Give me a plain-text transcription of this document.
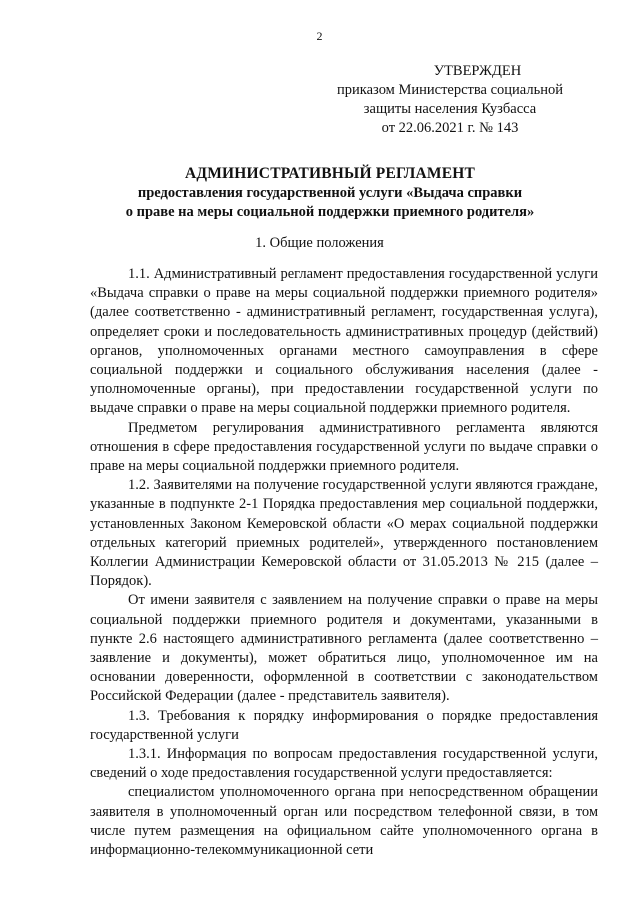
2
УТВЕРЖДЕН
приказом Министерства социальной
защиты населения Кузбасса
от 22.06.2021 г. № 143
АДМИНИСТРАТИВНЫЙ РЕГЛАМЕНТ
предоставления государственной услуги «Выдача справки
о праве на меры социальной поддержки приемного родителя»
1. Общие положения

1.1. Административный регламент предоставления государственной услуги «Выдача справки о праве на меры социальной поддержки приемного родителя» (далее соответственно - административный регламент, государственная услуга), определяет сроки и последовательность административных процедур (действий) органов, уполномоченных органами местного самоуправления в сфере социальной поддержки и социального обслуживания населения (далее - уполномоченные органы), при предоставлении государственной услуги по выдаче справки о праве на меры социальной поддержки приемного родителя.

Предметом регулирования административного регламента являются отношения в сфере предоставления государственной услуги по выдаче справки о праве на меры социальной поддержки приемного родителя.

1.2. Заявителями на получение государственной услуги являются граждане, указанные в подпункте 2-1 Порядка предоставления мер социальной поддержки, установленных Законом Кемеровской области «О мерах социальной поддержки отдельных категорий приемных родителей», утвержденного постановлением Коллегии Администрации Кемеровской области от 31.05.2013 № 215 (далее – Порядок).

От имени заявителя с заявлением на получение справки о праве на меры социальной поддержки приемного родителя и документами, указанными в пункте 2.6 настоящего административного регламента (далее соответственно – заявление и документы), может обратиться лицо, уполномоченное им на основании доверенности, оформленной в соответствии с законодательством Российской Федерации (далее - представитель заявителя).

1.3. Требования к порядку информирования о порядке предоставления государственной услуги

1.3.1. Информация по вопросам предоставления государственной услуги, сведений о ходе предоставления государственной услуги предоставляется:

специалистом уполномоченного органа при непосредственном обращении заявителя в уполномоченный орган или посредством телефонной связи, в том числе путем размещения на официальном сайте уполномоченного органа в информационно-телекоммуникационной сети
